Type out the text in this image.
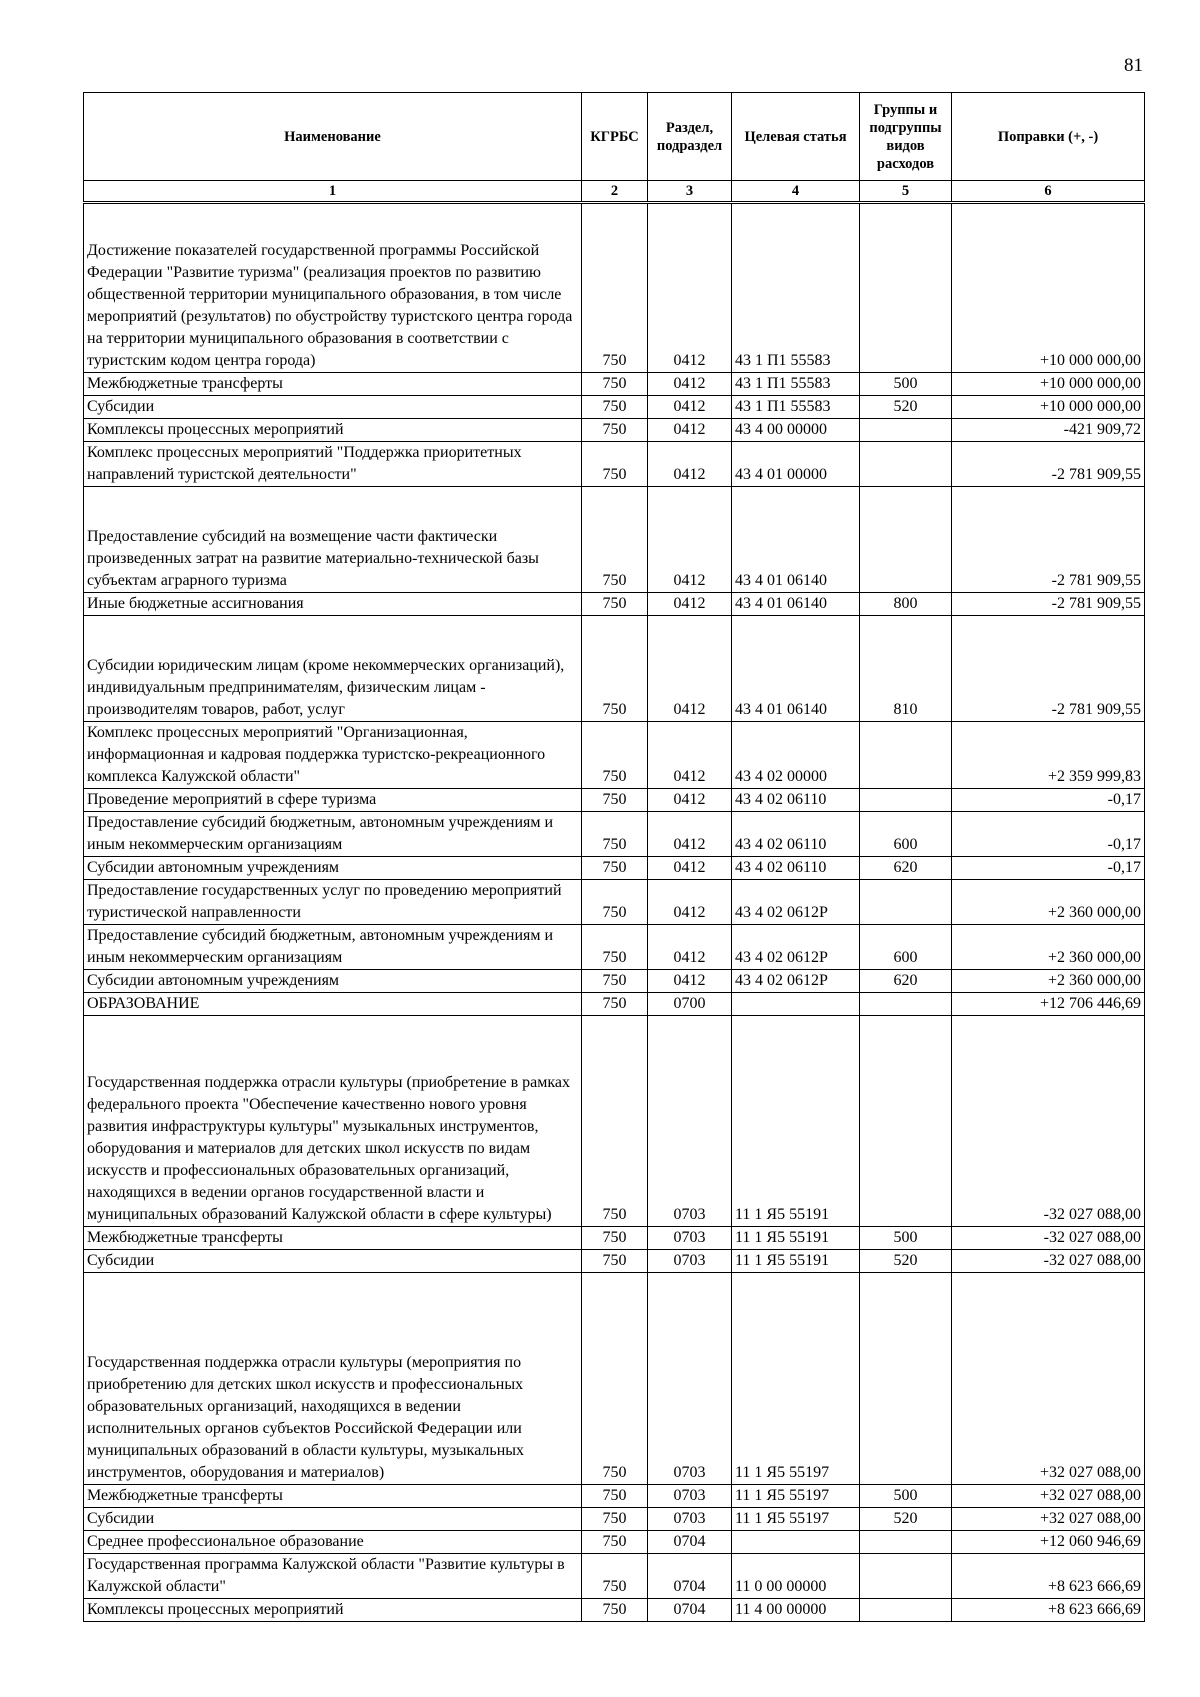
81
Наименование	КГРБС	Раздел, подраздел	Целевая статья	Группы и подгруппы видов расходов	Поправки (+, -)
1	2	3	4	5	6
Достижение показателей государственной программы Российской Федерации "Развитие туризма" (реализация проектов по развитию общественной территории муниципального образования, в том числе мероприятий (результатов) по обустройству туристского центра города на территории муниципального образования в соответствии с туристским кодом центра города)	750	0412	43 1 П1 55583		+10 000 000,00
Межбюджетные трансферты	750	0412	43 1 П1 55583	500	+10 000 000,00
Субсидии	750	0412	43 1 П1 55583	520	+10 000 000,00
Комплексы процессных мероприятий	750	0412	43 4 00 00000		-421 909,72
Комплекс процессных мероприятий "Поддержка приоритетных направлений туристской деятельности"	750	0412	43 4 01 00000		-2 781 909,55
Предоставление субсидий на возмещение части фактически произведенных затрат на развитие материально-технической базы субъектам аграрного туризма	750	0412	43 4 01 06140		-2 781 909,55
Иные бюджетные ассигнования	750	0412	43 4 01 06140	800	-2 781 909,55
Субсидии юридическим лицам (кроме некоммерческих организаций), индивидуальным предпринимателям, физическим лицам - производителям товаров, работ, услуг	750	0412	43 4 01 06140	810	-2 781 909,55
Комплекс процессных мероприятий "Организационная, информационная и кадровая поддержка туристско-рекреационного комплекса Калужской области"	750	0412	43 4 02 00000		+2 359 999,83
Проведение мероприятий в сфере туризма	750	0412	43 4 02 06110		-0,17
Предоставление субсидий бюджетным, автономным учреждениям и иным некоммерческим организациям	750	0412	43 4 02 06110	600	-0,17
Субсидии автономным учреждениям	750	0412	43 4 02 06110	620	-0,17
Предоставление государственных услуг по проведению мероприятий туристической направленности	750	0412	43 4 02 0612Р		+2 360 000,00
Предоставление субсидий бюджетным, автономным учреждениям и иным некоммерческим организациям	750	0412	43 4 02 0612Р	600	+2 360 000,00
Субсидии автономным учреждениям	750	0412	43 4 02 0612Р	620	+2 360 000,00
ОБРАЗОВАНИЕ	750	0700			+12 706 446,69
Государственная поддержка отрасли культуры (приобретение в рамках федерального проекта "Обеспечение качественно нового уровня развития инфраструктуры культуры" музыкальных инструментов, оборудования и материалов для детских школ искусств по видам искусств и профессиональных образовательных организаций, находящихся в ведении органов государственной власти и муниципальных образований Калужской области в сфере культуры)	750	0703	11 1 Я5 55191		-32 027 088,00
Межбюджетные трансферты	750	0703	11 1 Я5 55191	500	-32 027 088,00
Субсидии	750	0703	11 1 Я5 55191	520	-32 027 088,00
Государственная поддержка отрасли культуры (мероприятия по приобретению для детских школ искусств и профессиональных образовательных организаций, находящихся в ведении исполнительных органов субъектов Российской Федерации или муниципальных образований в области культуры, музыкальных инструментов, оборудования и материалов)	750	0703	11 1 Я5 55197		+32 027 088,00
Межбюджетные трансферты	750	0703	11 1 Я5 55197	500	+32 027 088,00
Субсидии	750	0703	11 1 Я5 55197	520	+32 027 088,00
Среднее профессиональное образование	750	0704			+12 060 946,69
Государственная программа Калужской области "Развитие культуры в Калужской области"	750	0704	11 0 00 00000		+8 623 666,69
Комплексы процессных мероприятий	750	0704	11 4 00 00000		+8 623 666,69
